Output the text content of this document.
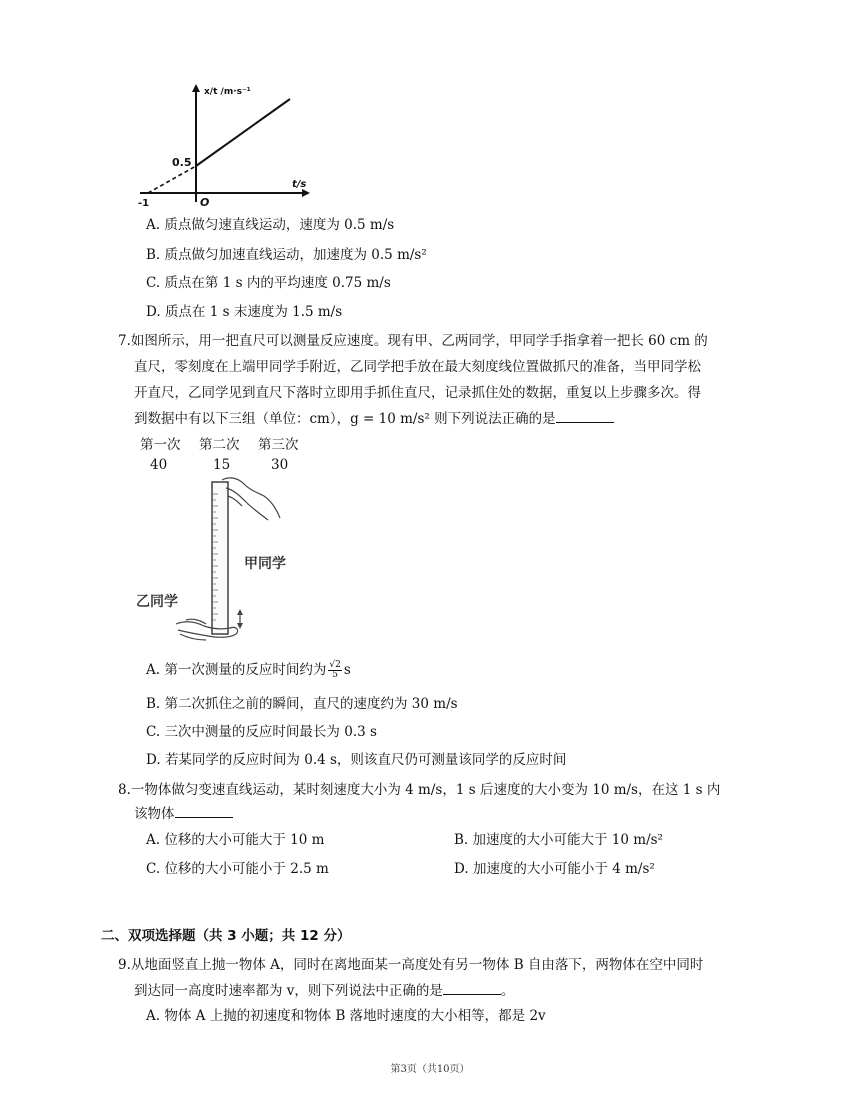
x/t /m·s⁻¹
0.5
t/s
O
-1
A. 质点做匀速直线运动，速度为 0.5 m/s
B. 质点做匀加速直线运动，加速度为 0.5 m/s²
C. 质点在第 1 s 内的平均速度 0.75 m/s
D. 质点在 1 s 末速度为 1.5 m/s
7.如图所示，用一把直尺可以测量反应速度。现有甲、乙两同学，甲同学手指拿着一把长 60 cm 的
直尺，零刻度在上端甲同学手附近，乙同学把手放在最大刻度线位置做抓尺的准备，当甲同学松
开直尺，乙同学见到直尺下落时立即用手抓住直尺，记录抓住处的数据，重复以上步骤多次。得
到数据中有以下三组（单位：cm），g = 10 m/s² 则下列说法正确的是
第一次 第二次 第三次
40	15	30
甲同学
乙同学
A. 第一次测量的反应时间约为 $\frac{√2}{5}$ s
B. 第二次抓住之前的瞬间，直尺的速度约为 30 m/s
C. 三次中测量的反应时间最长为 0.3 s
D. 若某同学的反应时间为 0.4 s，则该直尺仍可测量该同学的反应时间
8.一物体做匀变速直线运动，某时刻速度大小为 4 m/s，1 s 后速度的大小变为 10 m/s，在这 1 s 内
该物体
A. 位移的大小可能大于 10 m	B. 加速度的大小可能大于 10 m/s²
C. 位移的大小可能小于 2.5 m	D. 加速度的大小可能小于 4 m/s²
二、双项选择题（共 3 小题；共 12 分）
9.从地面竖直上抛一物体 A，同时在离地面某一高度处有另一物体 B 自由落下，两物体在空中同时
到达同一高度时速率都为 v，则下列说法中正确的是	。
A. 物体 A 上抛的初速度和物体 B 落地时速度的大小相等，都是 2v
第3页（共10页）
